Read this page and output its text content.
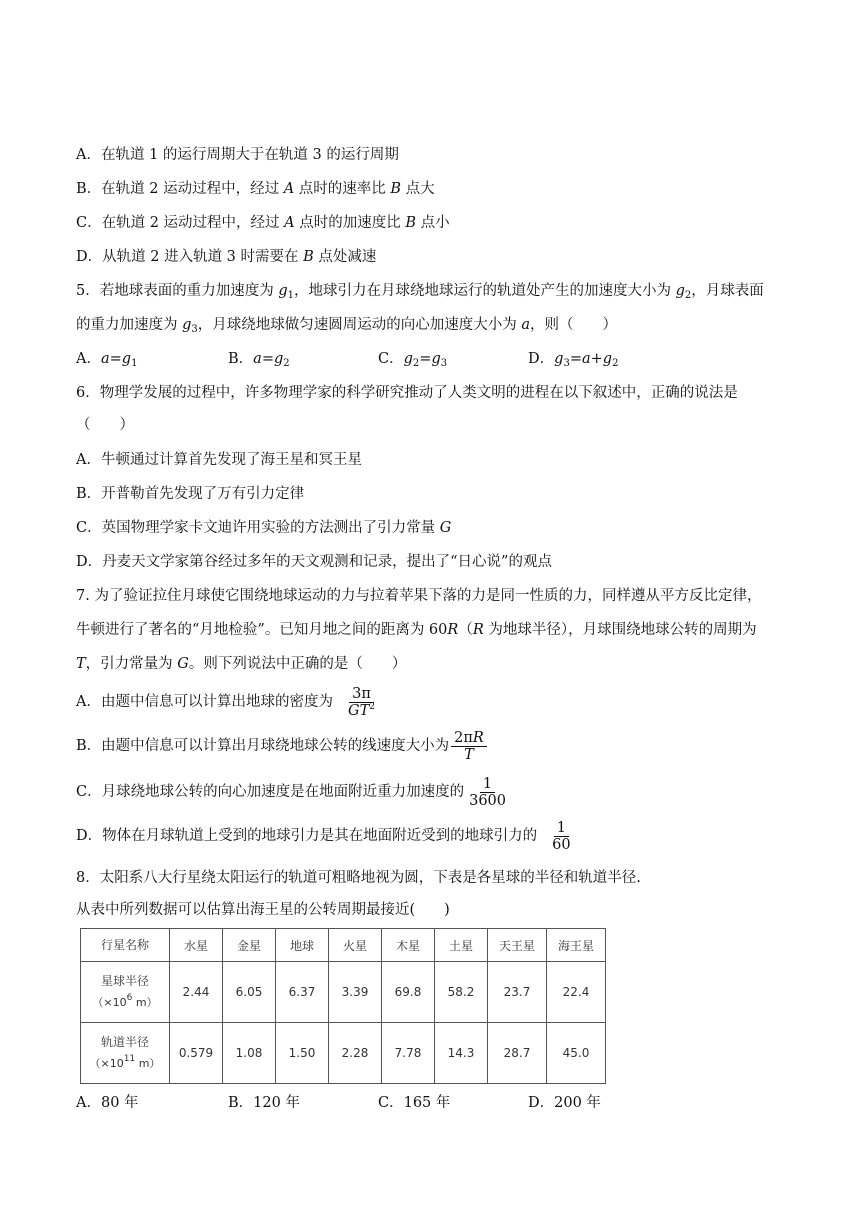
A．在轨道 1 的运行周期大于在轨道 3 的运行周期
B．在轨道 2 运动过程中，经过 A 点时的速率比 B 点大
C．在轨道 2 运动过程中，经过 A 点时的加速度比 B 点小
D．从轨道 2 进入轨道 3 时需要在 B 点处减速
5．若地球表面的重力加速度为 $g_1$，地球引力在月球绕地球运行的轨道处产生的加速度大小为 $g_2$，月球表面
的重力加速度为 $g_3$，月球绕地球做匀速圆周运动的向心加速度大小为 a，则（　　）
A．$a=g_1$	B．$a=g_2$	C．$g_2=g_3$	D．$g_3=a+g_2$
6．物理学发展的过程中，许多物理学家的科学研究推动了人类文明的进程在以下叙述中，正确的说法是
（　　）
A．牛顿通过计算首先发现了海王星和冥王星
B．开普勒首先发现了万有引力定律
C．英国物理学家卡文迪许用实验的方法测出了引力常量 G
D．丹麦天文学家第谷经过多年的天文观测和记录，提出了“日心说”的观点
7. 为了验证拉住月球使它围绕地球运动的力与拉着苹果下落的力是同一性质的力，同样遵从平方反比定律，
牛顿进行了著名的“月地检验”。已知月地之间的距离为 60R（R 为地球半径），月球围绕地球公转的周期为
T，引力常量为 G。则下列说法中正确的是（　　）
A．由题中信息可以计算出地球的密度为 $\frac{3\pi}{GT^2}$
B．由题中信息可以计算出月球绕地球公转的线速度大小为 $\frac{2\pi R}{T}$
C．月球绕地球公转的向心加速度是在地面附近重力加速度的 $\frac{1}{3600}$
D．物体在月球轨道上受到的地球引力是其在地面附近受到的地球引力的 $\frac{1}{60}$
8．太阳系八大行星绕太阳运行的轨道可粗略地视为圆，下表是各星球的半径和轨道半径.
从表中所列数据可以估算出海王星的公转周期最接近(　　)
行星名称	水星	金星	地球	火星	木星	土星	天王星	海王星

星球半径
（$\times 10^6$ m）	2.44	6.05	6.37	3.39	69.8	58.2	23.7	22.4

轨道半径
（$\times 10^{11}$ m）	0.579	1.08	1.50	2.28	7.78	14.3	28.7	45.0
A．80 年	B．120 年	C．165 年	D．200 年
